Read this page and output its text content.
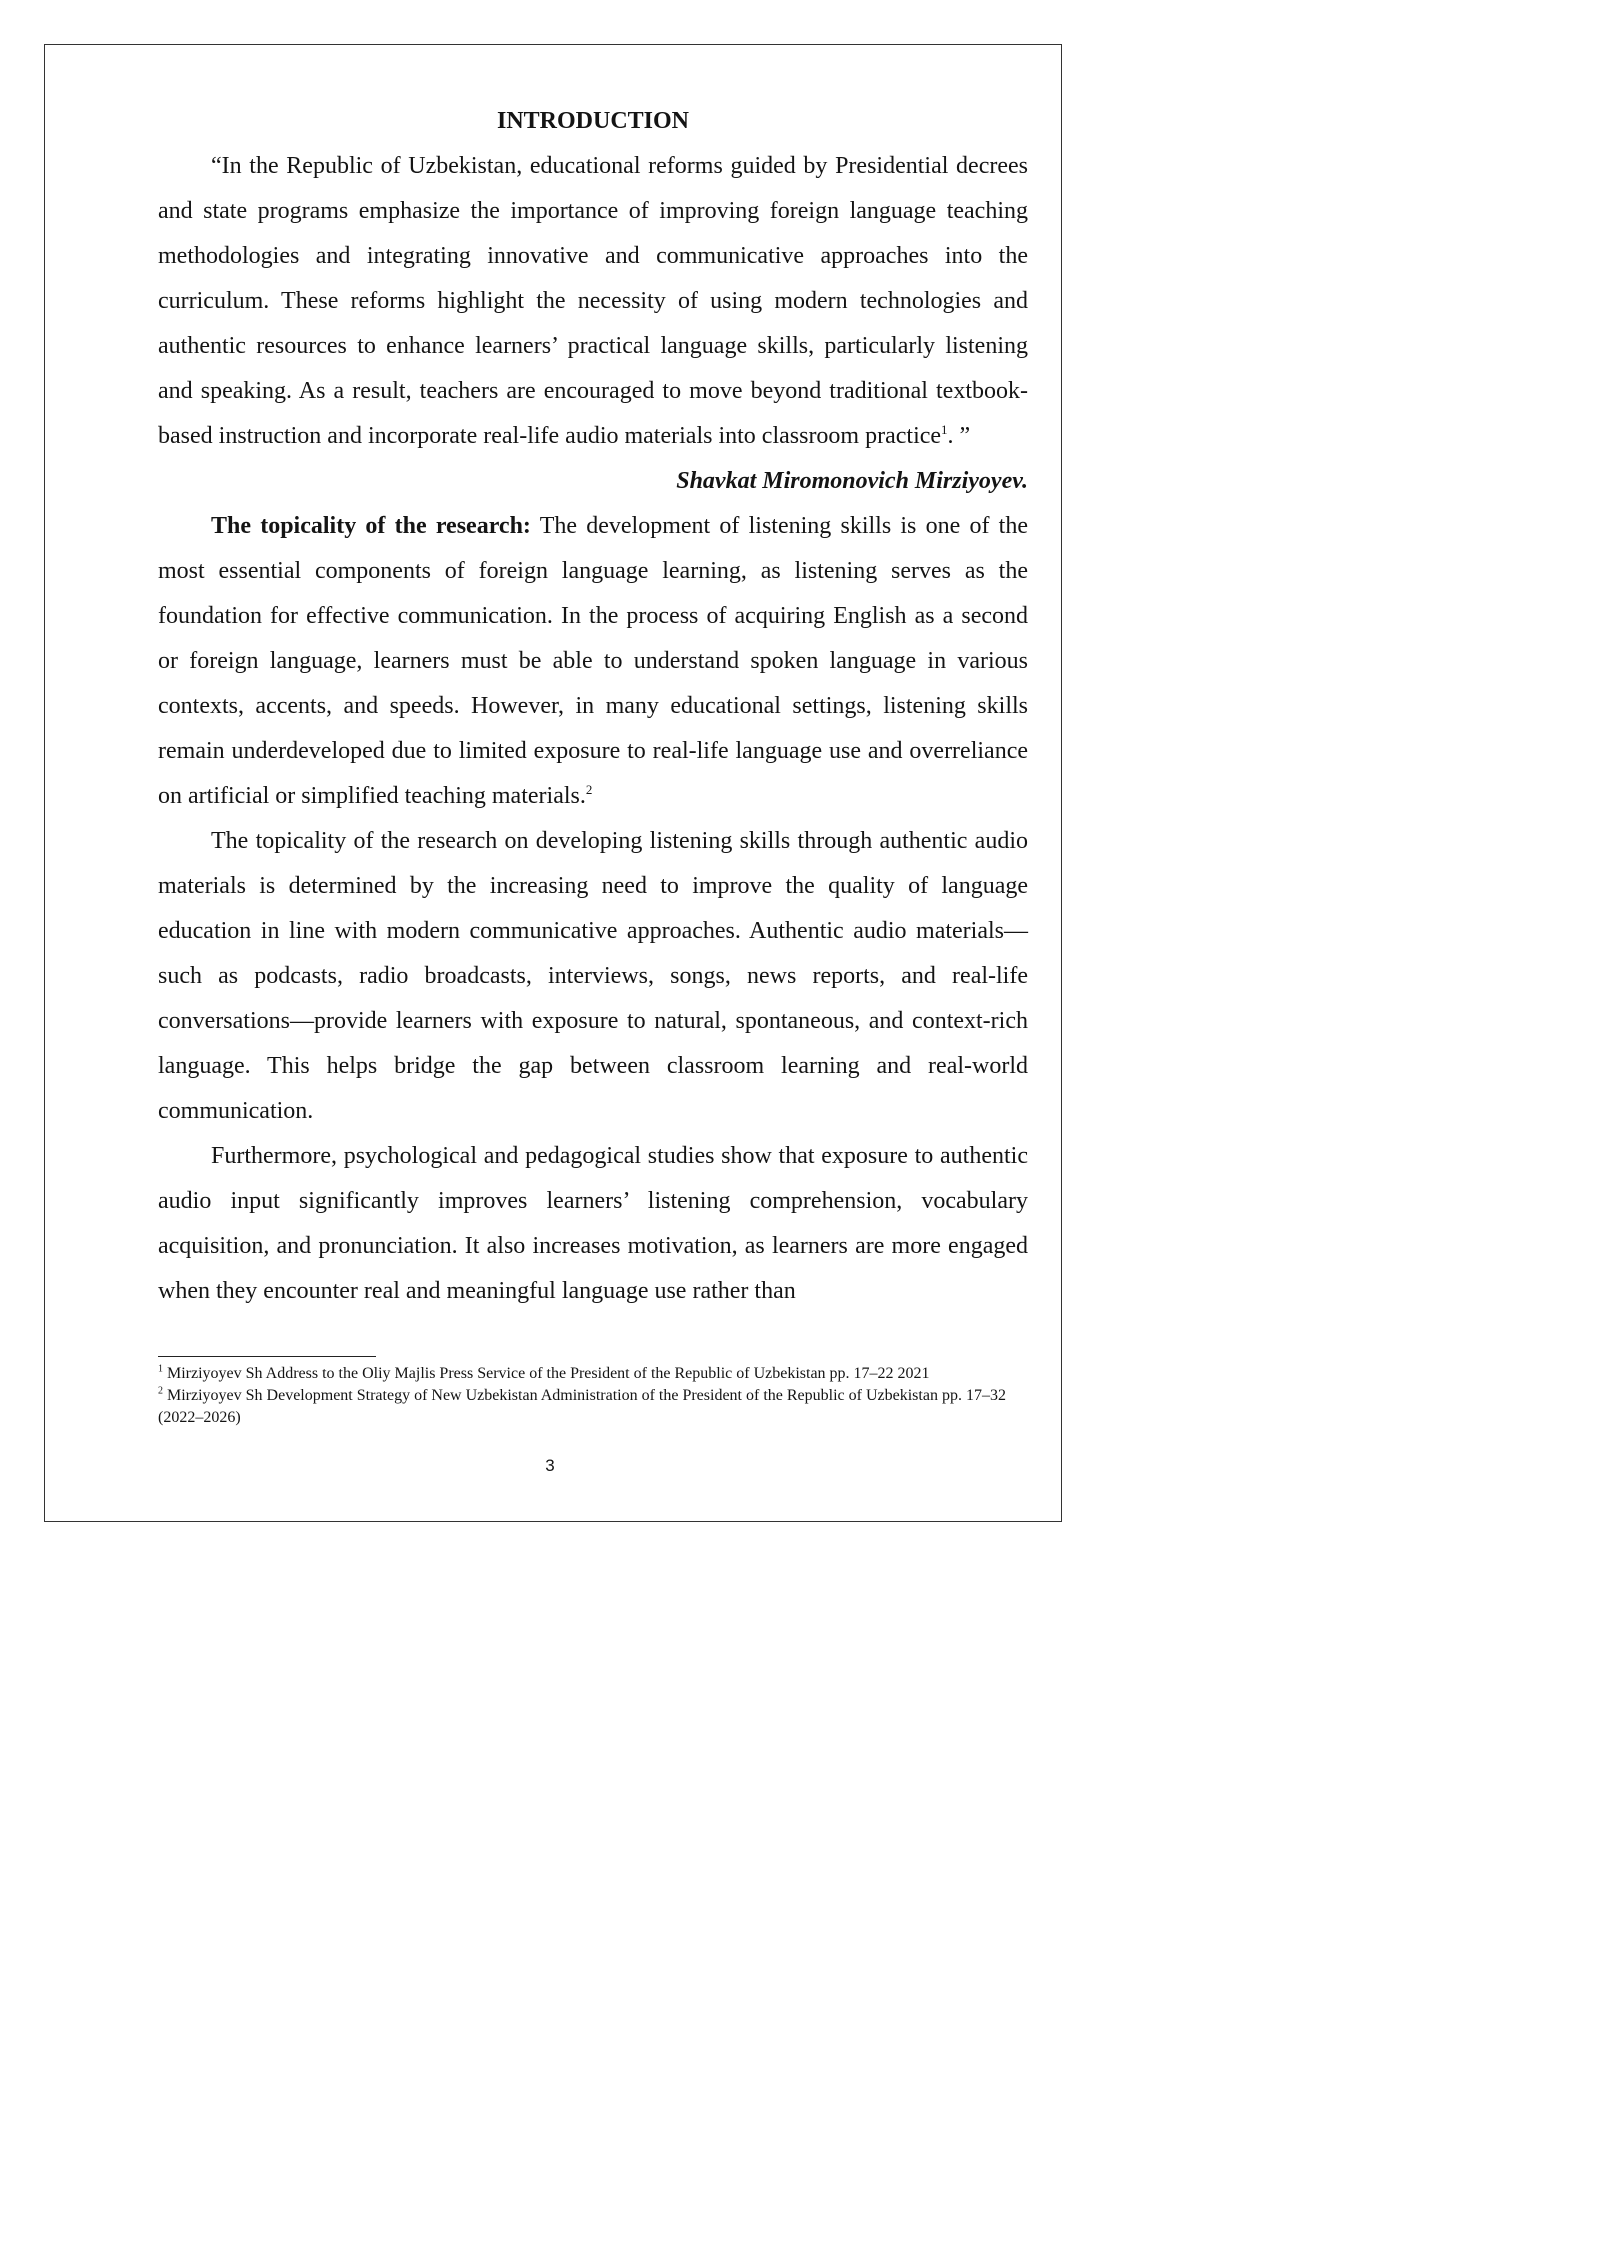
INTRODUCTION

“In the Republic of Uzbekistan, educational reforms guided by Presidential decrees and state programs emphasize the importance of improving foreign language teaching methodologies and integrating innovative and communicative approaches into the curriculum. These reforms highlight the necessity of using modern technologies and authentic resources to enhance learners’ practical language skills, particularly listening and speaking. As a result, teachers are encouraged to move beyond traditional textbook-based instruction and incorporate real-life audio materials into classroom practice$^1$. ”

Shavkat Miromonovich Mirziyoyev.

The topicality of the research: The development of listening skills is one of the most essential components of foreign language learning, as listening serves as the foundation for effective communication. In the process of acquiring English as a second or foreign language, learners must be able to understand spoken language in various contexts, accents, and speeds. However, in many educational settings, listening skills remain underdeveloped due to limited exposure to real-life language use and overreliance on artificial or simplified teaching materials.$^2$

The topicality of the research on developing listening skills through authentic audio materials is determined by the increasing need to improve the quality of language education in line with modern communicative approaches. Authentic audio materials—such as podcasts, radio broadcasts, interviews, songs, news reports, and real-life conversations—provide learners with exposure to natural, spontaneous, and context-rich language. This helps bridge the gap between classroom learning and real-world communication.

Furthermore, psychological and pedagogical studies show that exposure to authentic audio input significantly improves learners’ listening comprehension, vocabulary acquisition, and pronunciation. It also increases motivation, as learners are more engaged when they encounter real and meaningful language use rather than

$^1$ Mirziyoyev Sh Address to the Oliy Majlis Press Service of the President of the Republic of Uzbekistan pp. 17–22 2021

$^2$ Mirziyoyev Sh Development Strategy of New Uzbekistan Administration of the President of the Republic of Uzbekistan pp. 17–32 (2022–2026)

3
